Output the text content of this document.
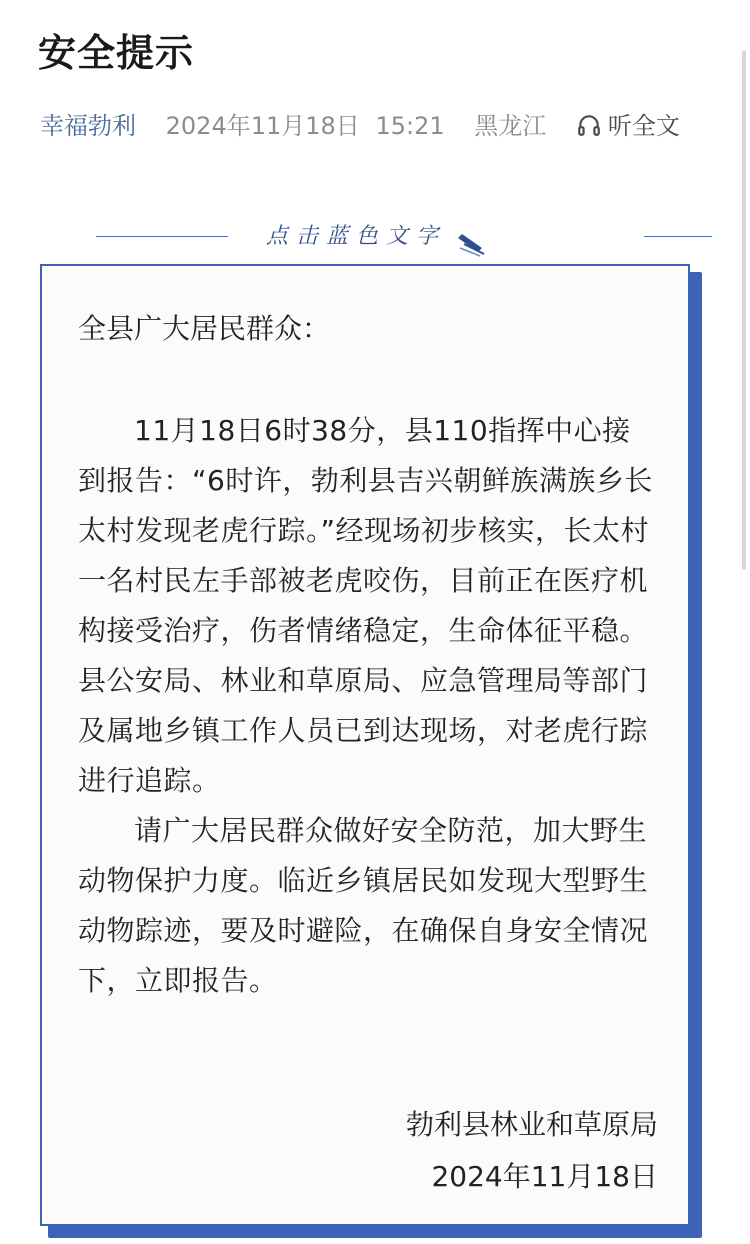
安全提示
幸福勃利 2024年11月18日 15:21 黑龙江	听全文
点击蓝色文字
全县广大居民群众：
11月18日6时38分，县110指挥中心接到报告：“6时许，勃利县吉兴朝鲜族满族乡长太村发现老虎行踪。”经现场初步核实，长太村一名村民左手部被老虎咬伤，目前正在医疗机构接受治疗，伤者情绪稳定，生命体征平稳。县公安局、林业和草原局、应急管理局等部门及属地乡镇工作人员已到达现场，对老虎行踪进行追踪。
请广大居民群众做好安全防范，加大野生动物保护力度。临近乡镇居民如发现大型野生动物踪迹，要及时避险，在确保自身安全情况下，立即报告。
勃利县林业和草原局
2024年11月18日
